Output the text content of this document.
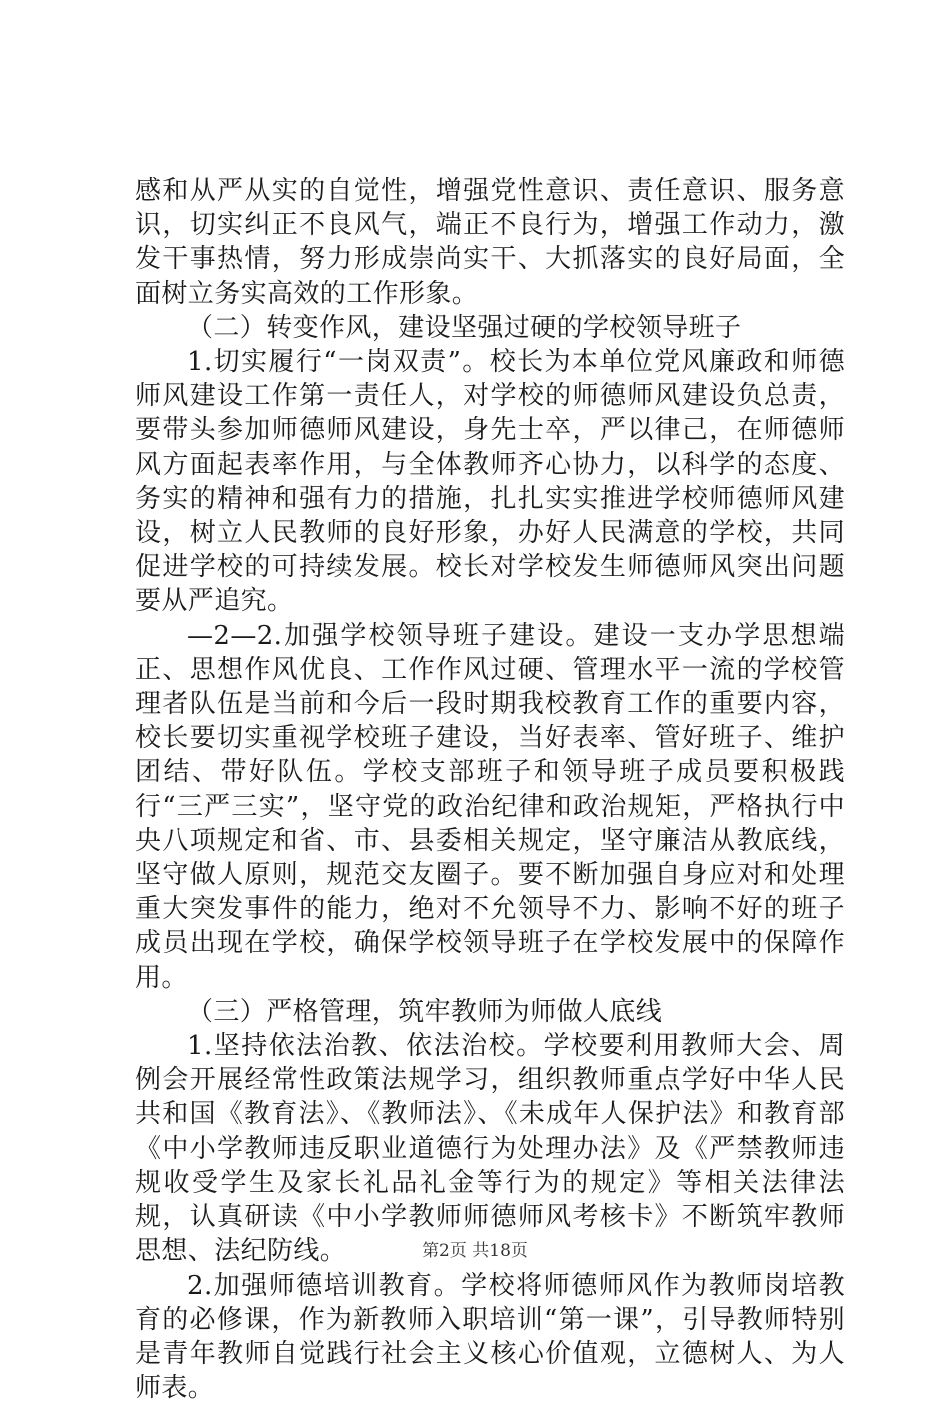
感和从严从实的自觉性，增强党性意识、责任意识、服务意识，切实纠正不良风气，端正不良行为，增强工作动力，激发干事热情，努力形成崇尚实干、大抓落实的良好局面，全面树立务实高效的工作形象。

（二）转变作风，建设坚强过硬的学校领导班子

1.切实履行“一岗双责”。校长为本单位党风廉政和师德师风建设工作第一责任人，对学校的师德师风建设负总责，要带头参加师德师风建设，身先士卒，严以律己，在师德师风方面起表率作用，与全体教师齐心协力，以科学的态度、务实的精神和强有力的措施，扎扎实实推进学校师德师风建设，树立人民教师的良好形象，办好人民满意的学校，共同促进学校的可持续发展。校长对学校发生师德师风突出问题要从严追究。

—2—2.加强学校领导班子建设。建设一支办学思想端正、思想作风优良、工作作风过硬、管理水平一流的学校管理者队伍是当前和今后一段时期我校教育工作的重要内容，校长要切实重视学校班子建设，当好表率、管好班子、维护团结、带好队伍。学校支部班子和领导班子成员要积极践行“三严三实”，坚守党的政治纪律和政治规矩，严格执行中央八项规定和省、市、县委相关规定，坚守廉洁从教底线，坚守做人原则，规范交友圈子。要不断加强自身应对和处理重大突发事件的能力，绝对不允领导不力、影响不好的班子成员出现在学校，确保学校领导班子在学校发展中的保障作用。

（三）严格管理，筑牢教师为师做人底线

1.坚持依法治教、依法治校。学校要利用教师大会、周例会开展经常性政策法规学习，组织教师重点学好中华人民共和国《教育法》、《教师法》、《未成年人保护法》和教育部《中小学教师违反职业道德行为处理办法》及《严禁教师违规收受学生及家长礼品礼金等行为的规定》等相关法律法规，认真研读《中小学教师师德师风考核卡》不断筑牢教师思想、法纪防线。

2.加强师德培训教育。学校将师德师风作为教师岗培教育的必修课，作为新教师入职培训“第一课”，引导教师特别是青年教师自觉践行社会主义核心价值观，立德树人、为人师表。

第2页 共18页
